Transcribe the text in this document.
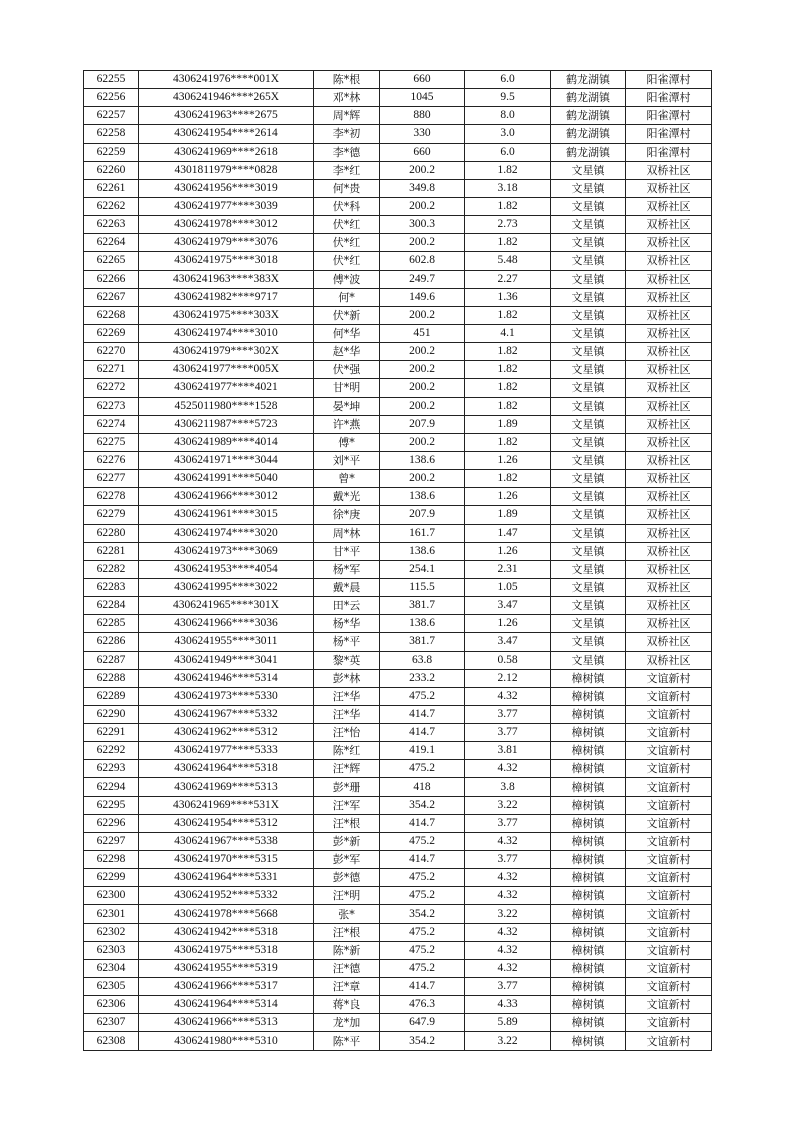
62255	4306241976****001X	陈*根	660	6.0	鹤龙湖镇	阳雀潭村
62256	4306241946****265X	邓*林	1045	9.5	鹤龙湖镇	阳雀潭村
62257	4306241963****2675	周*辉	880	8.0	鹤龙湖镇	阳雀潭村
62258	4306241954****2614	李*初	330	3.0	鹤龙湖镇	阳雀潭村
62259	4306241969****2618	李*德	660	6.0	鹤龙湖镇	阳雀潭村
62260	4301811979****0828	李*红	200.2	1.82	文星镇	双桥社区
62261	4306241956****3019	何*贵	349.8	3.18	文星镇	双桥社区
62262	4306241977****3039	伏*科	200.2	1.82	文星镇	双桥社区
62263	4306241978****3012	伏*红	300.3	2.73	文星镇	双桥社区
62264	4306241979****3076	伏*红	200.2	1.82	文星镇	双桥社区
62265	4306241975****3018	伏*红	602.8	5.48	文星镇	双桥社区
62266	4306241963****383X	傅*波	249.7	2.27	文星镇	双桥社区
62267	4306241982****9717	何*	149.6	1.36	文星镇	双桥社区
62268	4306241975****303X	伏*新	200.2	1.82	文星镇	双桥社区
62269	4306241974****3010	何*华	451	4.1	文星镇	双桥社区
62270	4306241979****302X	赵*华	200.2	1.82	文星镇	双桥社区
62271	4306241977****005X	伏*强	200.2	1.82	文星镇	双桥社区
62272	4306241977****4021	甘*明	200.2	1.82	文星镇	双桥社区
62273	4525011980****1528	晏*坤	200.2	1.82	文星镇	双桥社区
62274	4306211987****5723	许*燕	207.9	1.89	文星镇	双桥社区
62275	4306241989****4014	傅*	200.2	1.82	文星镇	双桥社区
62276	4306241971****3044	刘*平	138.6	1.26	文星镇	双桥社区
62277	4306241991****5040	曾*	200.2	1.82	文星镇	双桥社区
62278	4306241966****3012	戴*光	138.6	1.26	文星镇	双桥社区
62279	4306241961****3015	徐*庚	207.9	1.89	文星镇	双桥社区
62280	4306241974****3020	周*林	161.7	1.47	文星镇	双桥社区
62281	4306241973****3069	甘*平	138.6	1.26	文星镇	双桥社区
62282	4306241953****4054	杨*军	254.1	2.31	文星镇	双桥社区
62283	4306241995****3022	戴*晨	115.5	1.05	文星镇	双桥社区
62284	4306241965****301X	田*云	381.7	3.47	文星镇	双桥社区
62285	4306241966****3036	杨*华	138.6	1.26	文星镇	双桥社区
62286	4306241955****3011	杨*平	381.7	3.47	文星镇	双桥社区
62287	4306241949****3041	黎*英	63.8	0.58	文星镇	双桥社区
62288	4306241946****5314	彭*林	233.2	2.12	樟树镇	文谊新村
62289	4306241973****5330	汪*华	475.2	4.32	樟树镇	文谊新村
62290	4306241967****5332	汪*华	414.7	3.77	樟树镇	文谊新村
62291	4306241962****5312	汪*怡	414.7	3.77	樟树镇	文谊新村
62292	4306241977****5333	陈*红	419.1	3.81	樟树镇	文谊新村
62293	4306241964****5318	汪*辉	475.2	4.32	樟树镇	文谊新村
62294	4306241969****5313	彭*珊	418	3.8	樟树镇	文谊新村
62295	4306241969****531X	汪*军	354.2	3.22	樟树镇	文谊新村
62296	4306241954****5312	汪*根	414.7	3.77	樟树镇	文谊新村
62297	4306241967****5338	彭*新	475.2	4.32	樟树镇	文谊新村
62298	4306241970****5315	彭*军	414.7	3.77	樟树镇	文谊新村
62299	4306241964****5331	彭*德	475.2	4.32	樟树镇	文谊新村
62300	4306241952****5332	汪*明	475.2	4.32	樟树镇	文谊新村
62301	4306241978****5668	张*	354.2	3.22	樟树镇	文谊新村
62302	4306241942****5318	汪*根	475.2	4.32	樟树镇	文谊新村
62303	4306241975****5318	陈*新	475.2	4.32	樟树镇	文谊新村
62304	4306241955****5319	汪*德	475.2	4.32	樟树镇	文谊新村
62305	4306241966****5317	汪*章	414.7	3.77	樟树镇	文谊新村
62306	4306241964****5314	蒋*良	476.3	4.33	樟树镇	文谊新村
62307	4306241966****5313	龙*加	647.9	5.89	樟树镇	文谊新村
62308	4306241980****5310	陈*平	354.2	3.22	樟树镇	文谊新村
